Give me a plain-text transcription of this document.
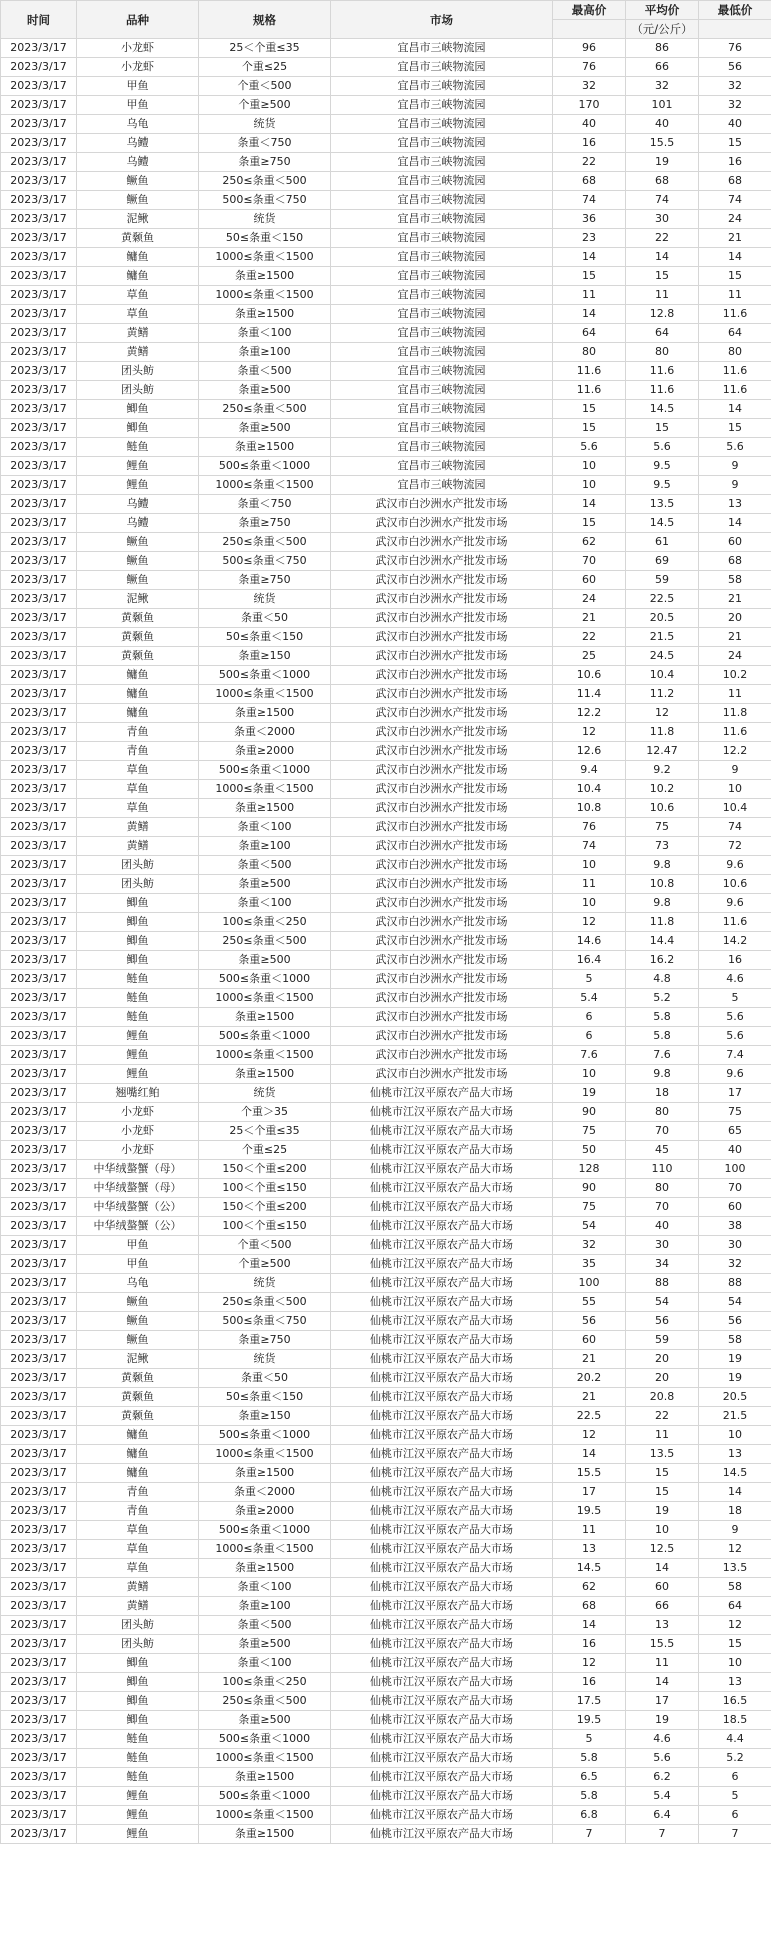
时间	品种	规格	市场	最高价	平均价	最低价
					（元/公斤）	
2023/3/17	小龙虾	25＜个重≤35	宜昌市三峡物流园	96	86	76
2023/3/17	小龙虾	个重≤25	宜昌市三峡物流园	76	66	56
2023/3/17	甲鱼	个重＜500	宜昌市三峡物流园	32	32	32
2023/3/17	甲鱼	个重≥500	宜昌市三峡物流园	170	101	32
2023/3/17	乌龟	统货	宜昌市三峡物流园	40	40	40
2023/3/17	乌鳢	条重＜750	宜昌市三峡物流园	16	15.5	15
2023/3/17	乌鳢	条重≥750	宜昌市三峡物流园	22	19	16
2023/3/17	鳜鱼	250≤条重＜500	宜昌市三峡物流园	68	68	68
2023/3/17	鳜鱼	500≤条重＜750	宜昌市三峡物流园	74	74	74
2023/3/17	泥鳅	统货	宜昌市三峡物流园	36	30	24
2023/3/17	黄颡鱼	50≤条重＜150	宜昌市三峡物流园	23	22	21
2023/3/17	鳙鱼	1000≤条重＜1500	宜昌市三峡物流园	14	14	14
2023/3/17	鳙鱼	条重≥1500	宜昌市三峡物流园	15	15	15
2023/3/17	草鱼	1000≤条重＜1500	宜昌市三峡物流园	11	11	11
2023/3/17	草鱼	条重≥1500	宜昌市三峡物流园	14	12.8	11.6
2023/3/17	黄鳝	条重＜100	宜昌市三峡物流园	64	64	64
2023/3/17	黄鳝	条重≥100	宜昌市三峡物流园	80	80	80
2023/3/17	团头鲂	条重＜500	宜昌市三峡物流园	11.6	11.6	11.6
2023/3/17	团头鲂	条重≥500	宜昌市三峡物流园	11.6	11.6	11.6
2023/3/17	鲫鱼	250≤条重＜500	宜昌市三峡物流园	15	14.5	14
2023/3/17	鲫鱼	条重≥500	宜昌市三峡物流园	15	15	15
2023/3/17	鲢鱼	条重≥1500	宜昌市三峡物流园	5.6	5.6	5.6
2023/3/17	鲤鱼	500≤条重＜1000	宜昌市三峡物流园	10	9.5	9
2023/3/17	鲤鱼	1000≤条重＜1500	宜昌市三峡物流园	10	9.5	9
2023/3/17	乌鳢	条重＜750	武汉市白沙洲水产批发市场	14	13.5	13
2023/3/17	乌鳢	条重≥750	武汉市白沙洲水产批发市场	15	14.5	14
2023/3/17	鳜鱼	250≤条重＜500	武汉市白沙洲水产批发市场	62	61	60
2023/3/17	鳜鱼	500≤条重＜750	武汉市白沙洲水产批发市场	70	69	68
2023/3/17	鳜鱼	条重≥750	武汉市白沙洲水产批发市场	60	59	58
2023/3/17	泥鳅	统货	武汉市白沙洲水产批发市场	24	22.5	21
2023/3/17	黄颡鱼	条重＜50	武汉市白沙洲水产批发市场	21	20.5	20
2023/3/17	黄颡鱼	50≤条重＜150	武汉市白沙洲水产批发市场	22	21.5	21
2023/3/17	黄颡鱼	条重≥150	武汉市白沙洲水产批发市场	25	24.5	24
2023/3/17	鳙鱼	500≤条重＜1000	武汉市白沙洲水产批发市场	10.6	10.4	10.2
2023/3/17	鳙鱼	1000≤条重＜1500	武汉市白沙洲水产批发市场	11.4	11.2	11
2023/3/17	鳙鱼	条重≥1500	武汉市白沙洲水产批发市场	12.2	12	11.8
2023/3/17	青鱼	条重＜2000	武汉市白沙洲水产批发市场	12	11.8	11.6
2023/3/17	青鱼	条重≥2000	武汉市白沙洲水产批发市场	12.6	12.47	12.2
2023/3/17	草鱼	500≤条重＜1000	武汉市白沙洲水产批发市场	9.4	9.2	9
2023/3/17	草鱼	1000≤条重＜1500	武汉市白沙洲水产批发市场	10.4	10.2	10
2023/3/17	草鱼	条重≥1500	武汉市白沙洲水产批发市场	10.8	10.6	10.4
2023/3/17	黄鳝	条重＜100	武汉市白沙洲水产批发市场	76	75	74
2023/3/17	黄鳝	条重≥100	武汉市白沙洲水产批发市场	74	73	72
2023/3/17	团头鲂	条重＜500	武汉市白沙洲水产批发市场	10	9.8	9.6
2023/3/17	团头鲂	条重≥500	武汉市白沙洲水产批发市场	11	10.8	10.6
2023/3/17	鲫鱼	条重＜100	武汉市白沙洲水产批发市场	10	9.8	9.6
2023/3/17	鲫鱼	100≤条重＜250	武汉市白沙洲水产批发市场	12	11.8	11.6
2023/3/17	鲫鱼	250≤条重＜500	武汉市白沙洲水产批发市场	14.6	14.4	14.2
2023/3/17	鲫鱼	条重≥500	武汉市白沙洲水产批发市场	16.4	16.2	16
2023/3/17	鲢鱼	500≤条重＜1000	武汉市白沙洲水产批发市场	5	4.8	4.6
2023/3/17	鲢鱼	1000≤条重＜1500	武汉市白沙洲水产批发市场	5.4	5.2	5
2023/3/17	鲢鱼	条重≥1500	武汉市白沙洲水产批发市场	6	5.8	5.6
2023/3/17	鲤鱼	500≤条重＜1000	武汉市白沙洲水产批发市场	6	5.8	5.6
2023/3/17	鲤鱼	1000≤条重＜1500	武汉市白沙洲水产批发市场	7.6	7.6	7.4
2023/3/17	鲤鱼	条重≥1500	武汉市白沙洲水产批发市场	10	9.8	9.6
2023/3/17	翘嘴红鲌	统货	仙桃市江汉平原农产品大市场	19	18	17
2023/3/17	小龙虾	个重＞35	仙桃市江汉平原农产品大市场	90	80	75
2023/3/17	小龙虾	25＜个重≤35	仙桃市江汉平原农产品大市场	75	70	65
2023/3/17	小龙虾	个重≤25	仙桃市江汉平原农产品大市场	50	45	40
2023/3/17	中华绒螯蟹（母）	150＜个重≤200	仙桃市江汉平原农产品大市场	128	110	100
2023/3/17	中华绒螯蟹（母）	100＜个重≤150	仙桃市江汉平原农产品大市场	90	80	70
2023/3/17	中华绒螯蟹（公）	150＜个重≤200	仙桃市江汉平原农产品大市场	75	70	60
2023/3/17	中华绒螯蟹（公）	100＜个重≤150	仙桃市江汉平原农产品大市场	54	40	38
2023/3/17	甲鱼	个重＜500	仙桃市江汉平原农产品大市场	32	30	30
2023/3/17	甲鱼	个重≥500	仙桃市江汉平原农产品大市场	35	34	32
2023/3/17	乌龟	统货	仙桃市江汉平原农产品大市场	100	88	88
2023/3/17	鳜鱼	250≤条重＜500	仙桃市江汉平原农产品大市场	55	54	54
2023/3/17	鳜鱼	500≤条重＜750	仙桃市江汉平原农产品大市场	56	56	56
2023/3/17	鳜鱼	条重≥750	仙桃市江汉平原农产品大市场	60	59	58
2023/3/17	泥鳅	统货	仙桃市江汉平原农产品大市场	21	20	19
2023/3/17	黄颡鱼	条重＜50	仙桃市江汉平原农产品大市场	20.2	20	19
2023/3/17	黄颡鱼	50≤条重＜150	仙桃市江汉平原农产品大市场	21	20.8	20.5
2023/3/17	黄颡鱼	条重≥150	仙桃市江汉平原农产品大市场	22.5	22	21.5
2023/3/17	鳙鱼	500≤条重＜1000	仙桃市江汉平原农产品大市场	12	11	10
2023/3/17	鳙鱼	1000≤条重＜1500	仙桃市江汉平原农产品大市场	14	13.5	13
2023/3/17	鳙鱼	条重≥1500	仙桃市江汉平原农产品大市场	15.5	15	14.5
2023/3/17	青鱼	条重＜2000	仙桃市江汉平原农产品大市场	17	15	14
2023/3/17	青鱼	条重≥2000	仙桃市江汉平原农产品大市场	19.5	19	18
2023/3/17	草鱼	500≤条重＜1000	仙桃市江汉平原农产品大市场	11	10	9
2023/3/17	草鱼	1000≤条重＜1500	仙桃市江汉平原农产品大市场	13	12.5	12
2023/3/17	草鱼	条重≥1500	仙桃市江汉平原农产品大市场	14.5	14	13.5
2023/3/17	黄鳝	条重＜100	仙桃市江汉平原农产品大市场	62	60	58
2023/3/17	黄鳝	条重≥100	仙桃市江汉平原农产品大市场	68	66	64
2023/3/17	团头鲂	条重＜500	仙桃市江汉平原农产品大市场	14	13	12
2023/3/17	团头鲂	条重≥500	仙桃市江汉平原农产品大市场	16	15.5	15
2023/3/17	鲫鱼	条重＜100	仙桃市江汉平原农产品大市场	12	11	10
2023/3/17	鲫鱼	100≤条重＜250	仙桃市江汉平原农产品大市场	16	14	13
2023/3/17	鲫鱼	250≤条重＜500	仙桃市江汉平原农产品大市场	17.5	17	16.5
2023/3/17	鲫鱼	条重≥500	仙桃市江汉平原农产品大市场	19.5	19	18.5
2023/3/17	鲢鱼	500≤条重＜1000	仙桃市江汉平原农产品大市场	5	4.6	4.4
2023/3/17	鲢鱼	1000≤条重＜1500	仙桃市江汉平原农产品大市场	5.8	5.6	5.2
2023/3/17	鲢鱼	条重≥1500	仙桃市江汉平原农产品大市场	6.5	6.2	6
2023/3/17	鲤鱼	500≤条重＜1000	仙桃市江汉平原农产品大市场	5.8	5.4	5
2023/3/17	鲤鱼	1000≤条重＜1500	仙桃市江汉平原农产品大市场	6.8	6.4	6
2023/3/17	鲤鱼	条重≥1500	仙桃市江汉平原农产品大市场	7	7	7
